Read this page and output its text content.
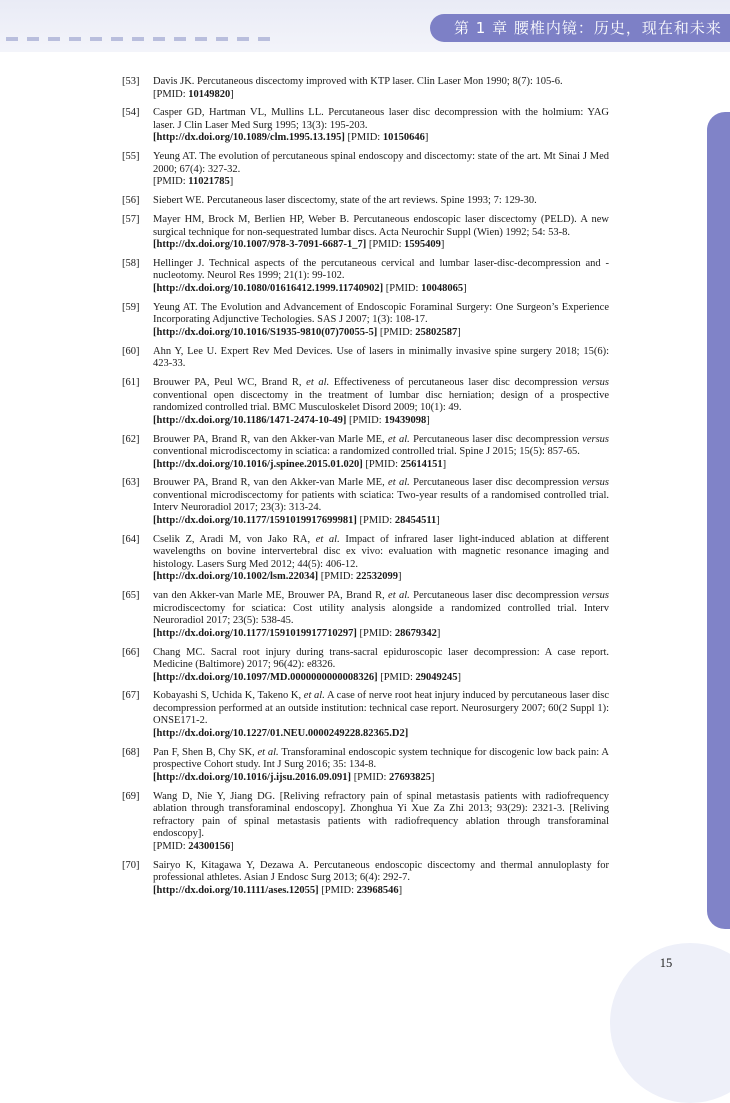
第 1 章 腰椎内镜：历史，现在和未来
15
[53]	Davis JK. Percutaneous discectomy improved with KTP laser. Clin Laser Mon 1990; 8(7): 105-6.
[PMID: 10149820]
[54]	Casper GD, Hartman VL, Mullins LL. Percutaneous laser disc decompression with the holmium: YAG laser. J Clin Laser Med Surg 1995; 13(3): 195-203.
[http://dx.doi.org/10.1089/clm.1995.13.195] [PMID: 10150646]
[55]	Yeung AT. The evolution of percutaneous spinal endoscopy and discectomy: state of the art. Mt Sinai J Med 2000; 67(4): 327-32.
[PMID: 11021785]
[56]	Siebert WE. Percutaneous laser discectomy, state of the art reviews. Spine 1993; 7: 129-30.
[57]	Mayer HM, Brock M, Berlien HP, Weber B. Percutaneous endoscopic laser discectomy (PELD). A new surgical technique for non-sequestrated lumbar discs. Acta Neurochir Suppl (Wien) 1992; 54: 53-8.
[http://dx.doi.org/10.1007/978-3-7091-6687-1_7] [PMID: 1595409]
[58]	Hellinger J. Technical aspects of the percutaneous cervical and lumbar laser-disc-decompression and -nucleotomy. Neurol Res 1999; 21(1): 99-102.
[http://dx.doi.org/10.1080/01616412.1999.11740902] [PMID: 10048065]
[59]	Yeung AT. The Evolution and Advancement of Endoscopic Foraminal Surgery: One Surgeon’s Experience Incorporating Adjunctive Techologies. SAS J 2007; 1(3): 108-17.
[http://dx.doi.org/10.1016/S1935-9810(07)70055-5] [PMID: 25802587]
[60]	Ahn Y, Lee U. Expert Rev Med Devices. Use of lasers in minimally invasive spine surgery 2018; 15(6): 423-33.
[61]	Brouwer PA, Peul WC, Brand R, et al. Effectiveness of percutaneous laser disc decompression versus conventional open discectomy in the treatment of lumbar disc herniation; design of a prospective randomized controlled trial. BMC Musculoskelet Disord 2009; 10(1): 49.
[http://dx.doi.org/10.1186/1471-2474-10-49] [PMID: 19439098]
[62]	Brouwer PA, Brand R, van den Akker-van Marle ME, et al. Percutaneous laser disc decompression versus conventional microdiscectomy in sciatica: a randomized controlled trial. Spine J 2015; 15(5): 857-65.
[http://dx.doi.org/10.1016/j.spinee.2015.01.020] [PMID: 25614151]
[63]	Brouwer PA, Brand R, van den Akker-van Marle ME, et al. Percutaneous laser disc decompression versus conventional microdiscectomy for patients with sciatica: Two-year results of a randomised controlled trial. Interv Neuroradiol 2017; 23(3): 313-24.
[http://dx.doi.org/10.1177/1591019917699981] [PMID: 28454511]
[64]	Cselik Z, Aradi M, von Jako RA, et al. Impact of infrared laser light-induced ablation at different wavelengths on bovine intervertebral disc ex vivo: evaluation with magnetic resonance imaging and histology. Lasers Surg Med 2012; 44(5): 406-12.
[http://dx.doi.org/10.1002/lsm.22034] [PMID: 22532099]
[65]	van den Akker-van Marle ME, Brouwer PA, Brand R, et al. Percutaneous laser disc decompression versus microdiscectomy for sciatica: Cost utility analysis alongside a randomized controlled trial. Interv Neuroradiol 2017; 23(5): 538-45.
[http://dx.doi.org/10.1177/1591019917710297] [PMID: 28679342]
[66]	Chang MC. Sacral root injury during trans-sacral epiduroscopic laser decompression: A case report. Medicine (Baltimore) 2017; 96(42): e8326.
[http://dx.doi.org/10.1097/MD.0000000000008326] [PMID: 29049245]
[67]	Kobayashi S, Uchida K, Takeno K, et al. A case of nerve root heat injury induced by percutaneous laser disc decompression performed at an outside institution: technical case report. Neurosurgery 2007; 60(2 Suppl 1): ONSE171-2.
[http://dx.doi.org/10.1227/01.NEU.0000249228.82365.D2]
[68]	Pan F, Shen B, Chy SK, et al. Transforaminal endoscopic system technique for discogenic low back pain: A prospective Cohort study. Int J Surg 2016; 35: 134-8.
[http://dx.doi.org/10.1016/j.ijsu.2016.09.091] [PMID: 27693825]
[69]	Wang D, Nie Y, Jiang DG. [Reliving refractory pain of spinal metastasis patients with radiofrequency ablation through transforaminal endoscopy]. Zhonghua Yi Xue Za Zhi 2013; 93(29): 2321-3. [Reliving refractory pain of spinal metastasis patients with radiofrequency ablation through transforaminal endoscopy].
[PMID: 24300156]
[70]	Sairyo K, Kitagawa Y, Dezawa A. Percutaneous endoscopic discectomy and thermal annuloplasty for professional athletes. Asian J Endosc Surg 2013; 6(4): 292-7.
[http://dx.doi.org/10.1111/ases.12055] [PMID: 23968546]
